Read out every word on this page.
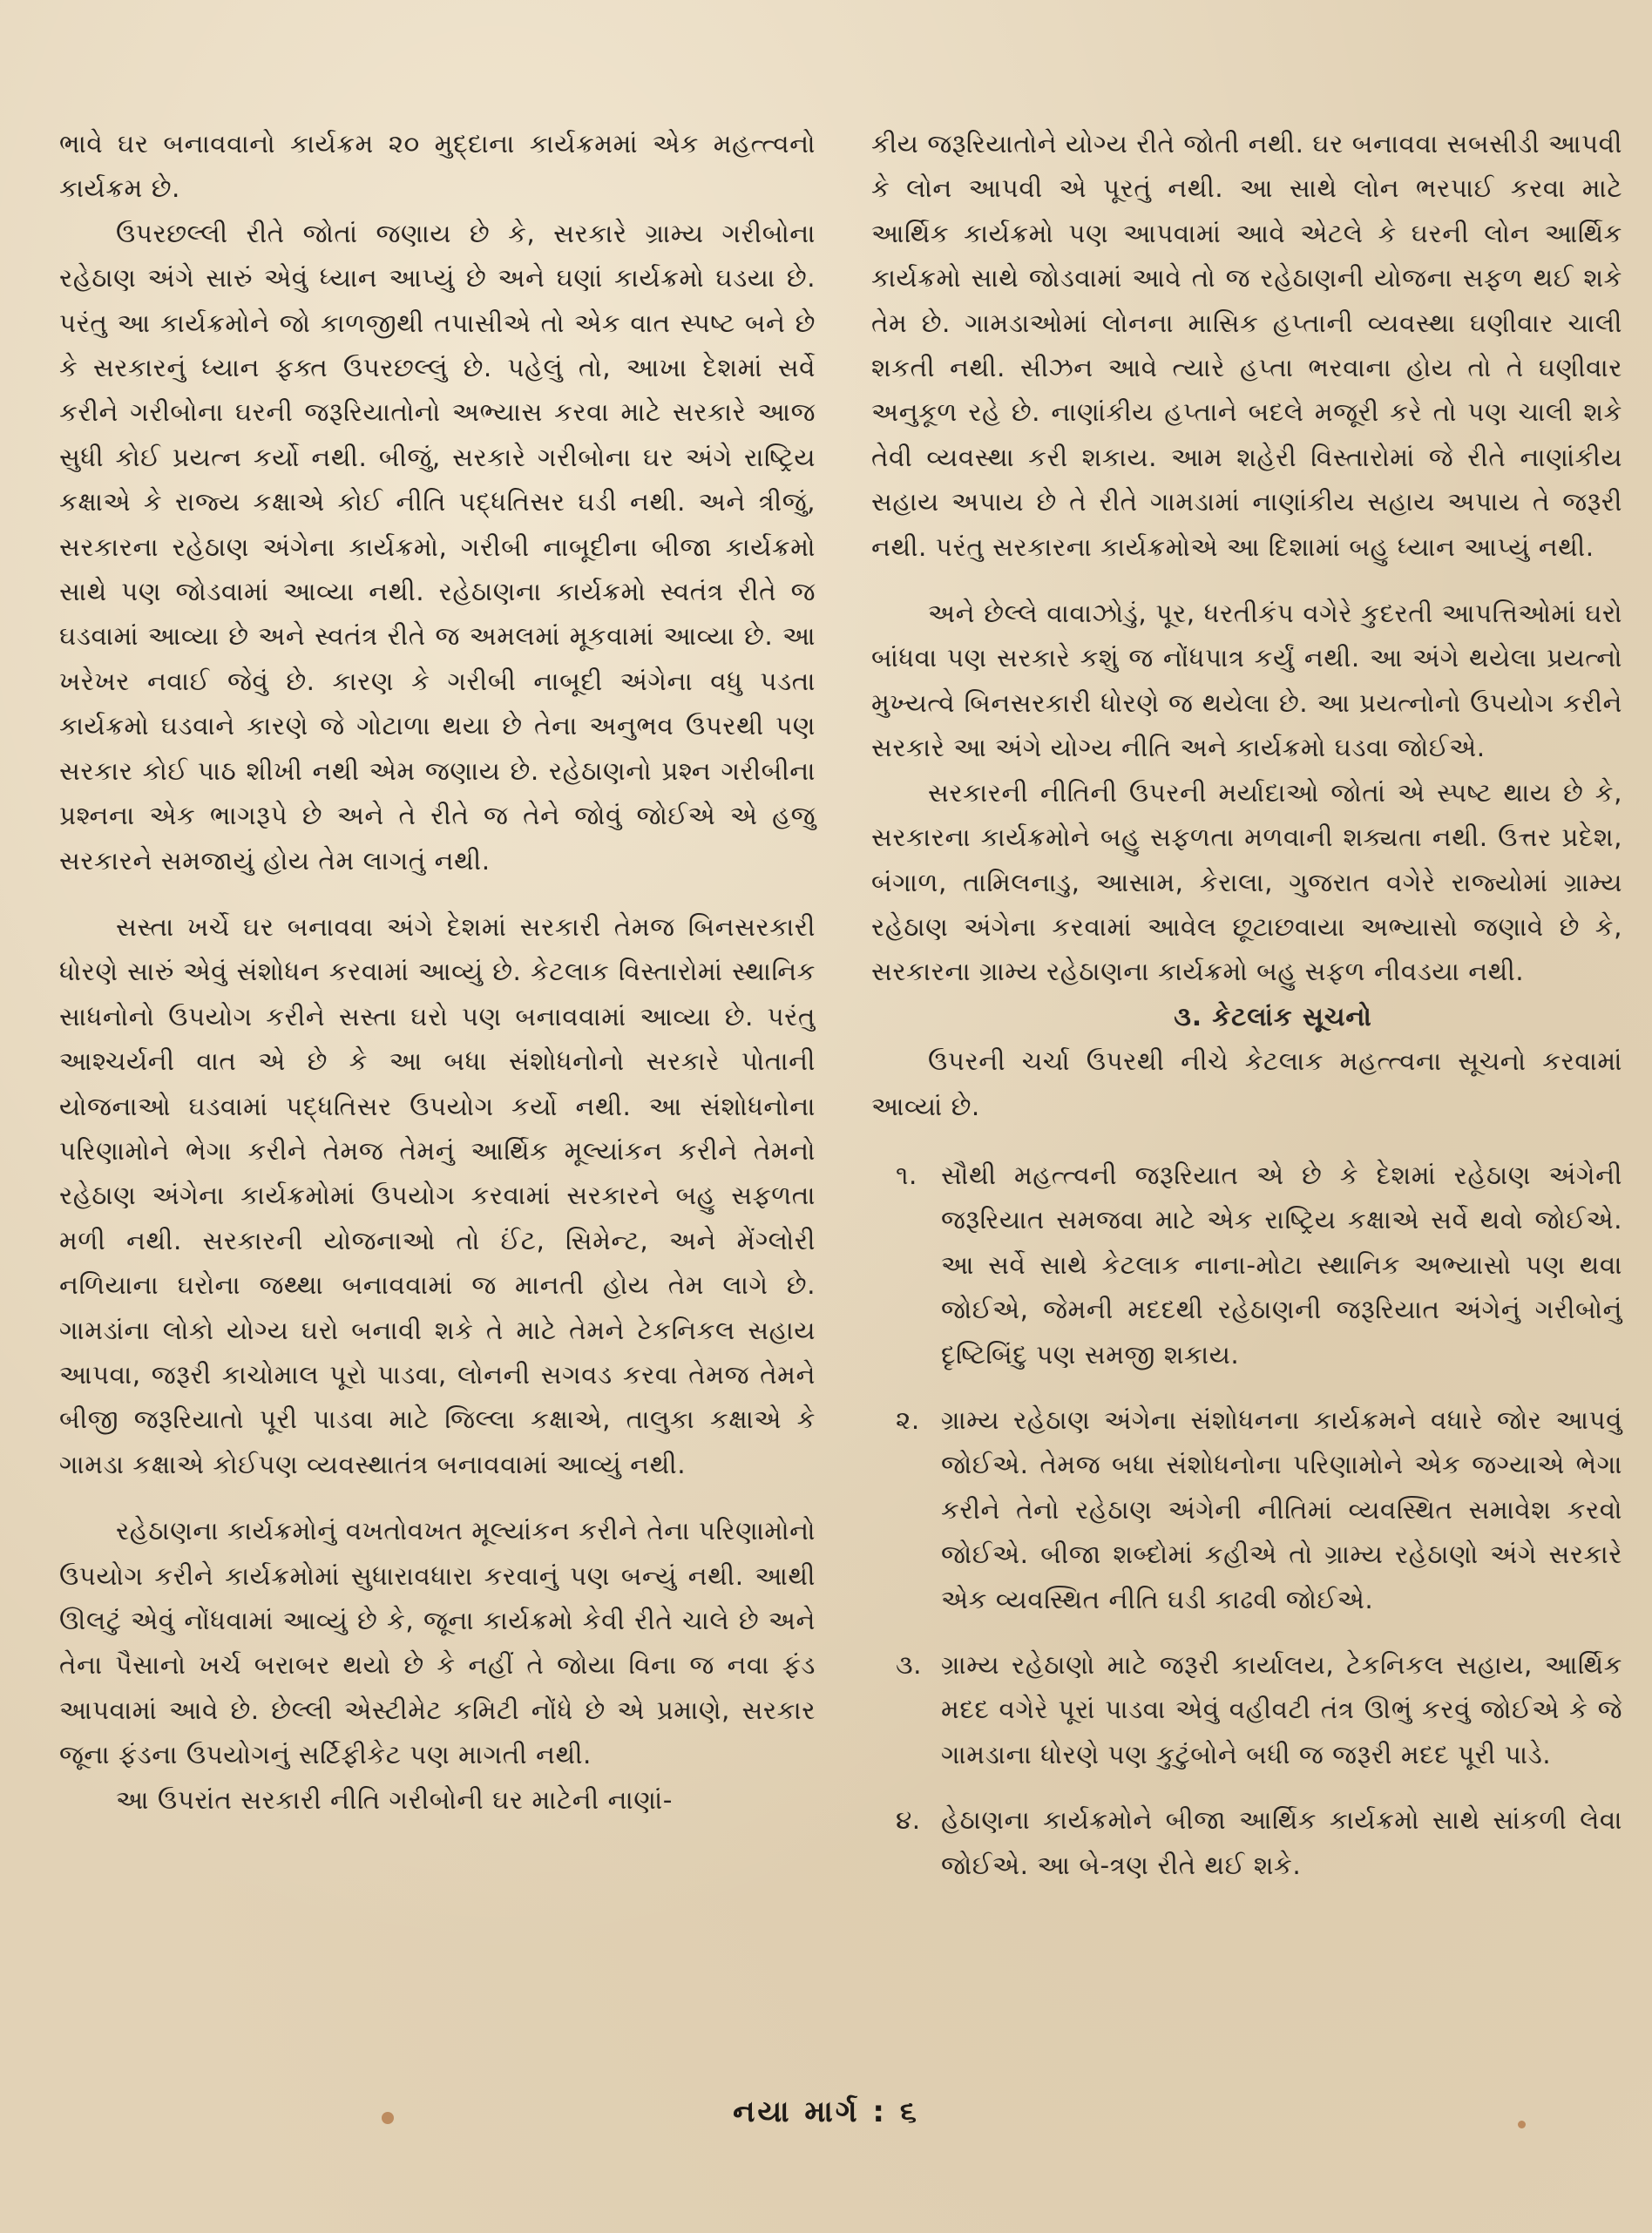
ભાવે ઘર બનાવવાનો કાર્યક્રમ ૨૦ મુદ્દાના કાર્યક્રમમાં એક મહત્ત્વનો કાર્યક્રમ છે.

ઉપરછલ્લી રીતે જોતાં જણાય છે કે, સરકારે ગ્રામ્ય ગરીબોના રહેઠાણ અંગે સારું એવું ધ્યાન આપ્યું છે અને ઘણાં કાર્યક્રમો ઘડયા છે. પરંતુ આ કાર્યક્રમોને જો કાળજીથી તપાસીએ તો એક વાત સ્પષ્ટ બને છે કે સરકારનું ધ્યાન ફક્ત ઉપરછલ્લું છે. પહેલું તો, આખા દેશમાં સર્વે કરીને ગરીબોના ઘરની જરૂરિયાતોનો અભ્યાસ કરવા માટે સરકારે આજ સુધી કોઈ પ્રયત્ન કર્યો નથી. બીજું, સરકારે ગરીબોના ઘર અંગે રાષ્ટ્રિય કક્ષાએ કે રાજ્ય કક્ષાએ કોઈ નીતિ પદ્ધતિસર ઘડી નથી. અને ત્રીજું, સરકારના રહેઠાણ અંગેના કાર્યક્રમો, ગરીબી નાબૂદીના બીજા કાર્યક્રમો સાથે પણ જોડવામાં આવ્યા નથી. રહેઠાણના કાર્યક્રમો સ્વતંત્ર રીતે જ ઘડવામાં આવ્યા છે અને સ્વતંત્ર રીતે જ અમલમાં મૂકવામાં આવ્યા છે. આ ખરેખર નવાઈ જેવું છે. કારણ કે ગરીબી નાબૂદી અંગેના વધુ પડતા કાર્યક્રમો ઘડવાને કારણે જે ગોટાળા થયા છે તેના અનુભવ ઉપરથી પણ સરકાર કોઈ પાઠ શીખી નથી એમ જણાય છે. રહેઠાણનો પ્રશ્ન ગરીબીના પ્રશ્નના એક ભાગરૂપે છે અને તે રીતે જ તેને જોવું જોઈએ એ હજુ સરકારને સમજાયું હોય તેમ લાગતું નથી.

સસ્તા ખર્ચે ઘર બનાવવા અંગે દેશમાં સરકારી તેમજ બિનસરકારી ધોરણે સારું એવું સંશોધન કરવામાં આવ્યું છે. કેટલાક વિસ્તારોમાં સ્થાનિક સાધનોનો ઉપયોગ કરીને સસ્તા ઘરો પણ બનાવવામાં આવ્યા છે. પરંતુ આશ્ચર્યની વાત એ છે કે આ બધા સંશોધનોનો સરકારે પોતાની યોજનાઓ ઘડવામાં પદ્ધતિસર ઉપયોગ કર્યો નથી. આ સંશોધનોના પરિણામોને ભેગા કરીને તેમજ તેમનું આર્થિક મૂલ્યાંકન કરીને તેમનો રહેઠાણ અંગેના કાર્યક્રમોમાં ઉપયોગ કરવામાં સરકારને બહુ સફળતા મળી નથી. સરકારની યોજનાઓ તો ઈંટ, સિમેન્ટ, અને મેંગ્લોરી નળિયાના ઘરોના જથ્થા બનાવવામાં જ માનતી હોય તેમ લાગે છે. ગામડાંના લોકો યોગ્ય ઘરો બનાવી શકે તે માટે તેમને ટેકનિકલ સહાય આપવા, જરૂરી કાચોમાલ પૂરો પાડવા, લોનની સગવડ કરવા તેમજ તેમને બીજી જરૂરિયાતો પૂરી પાડવા માટે જિલ્લા કક્ષાએ, તાલુકા કક્ષાએ કે ગામડા કક્ષાએ કોઈપણ વ્યવસ્થાતંત્ર બનાવવામાં આવ્યું નથી.

રહેઠાણના કાર્યક્રમોનું વખતોવખત મૂલ્યાંકન કરીને તેના પરિણામોનો ઉપયોગ કરીને કાર્યક્રમોમાં સુધારાવધારા કરવાનું પણ બન્યું નથી. આથી ઊલટું એવું નોંધવામાં આવ્યું છે કે, જૂના કાર્યક્રમો કેવી રીતે ચાલે છે અને તેના પૈસાનો ખર્ચ બરાબર થયો છે કે નહીં તે જોયા વિના જ નવા ફંડ આપવામાં આવે છે. છેલ્લી એસ્ટીમેટ કમિટી નોંધે છે એ પ્રમાણે, સરકાર જૂના ફંડના ઉપયોગનું સર્ટિફીકેટ પણ માગતી નથી.

આ ઉપરાંત સરકારી નીતિ ગરીબોની ઘર માટેની નાણાં-

કીય જરૂરિયાતોને યોગ્ય રીતે જોતી નથી. ઘર બનાવવા સબસીડી આપવી કે લોન આપવી એ પૂરતું નથી. આ સાથે લોન ભરપાઈ કરવા માટે આર્થિક કાર્યક્રમો પણ આપવામાં આવે એટલે કે ઘરની લોન આર્થિક કાર્યક્રમો સાથે જોડવામાં આવે તો જ રહેઠાણની યોજના સફળ થઈ શકે તેમ છે. ગામડાઓમાં લોનના માસિક હપ્તાની વ્યવસ્થા ઘણીવાર ચાલી શકતી નથી. સીઝન આવે ત્યારે હપ્તા ભરવાના હોય તો તે ઘણીવાર અનુકૂળ રહે છે. નાણાંકીય હપ્તાને બદલે મજૂરી કરે તો પણ ચાલી શકે તેવી વ્યવસ્થા કરી શકાય. આમ શહેરી વિસ્તારોમાં જે રીતે નાણાંકીય સહાય અપાય છે તે રીતે ગામડામાં નાણાંકીય સહાય અપાય તે જરૂરી નથી. પરંતુ સરકારના કાર્યક્રમોએ આ દિશામાં બહુ ધ્યાન આપ્યું નથી.

અને છેલ્લે વાવાઝોડું, પૂર, ધરતીકંપ વગેરે કુદરતી આપત્તિઓમાં ઘરો બાંધવા પણ સરકારે કશું જ નોંધપાત્ર કર્યું નથી. આ અંગે થયેલા પ્રયત્નો મુખ્યત્વે બિનસરકારી ધોરણે જ થયેલા છે. આ પ્રયત્નોનો ઉપયોગ કરીને સરકારે આ અંગે યોગ્ય નીતિ અને કાર્યક્રમો ઘડવા જોઈએ.

સરકારની નીતિની ઉપરની મર્યાદાઓ જોતાં એ સ્પષ્ટ થાય છે કે, સરકારના કાર્યક્રમોને બહુ સફળતા મળવાની શક્યતા નથી. ઉત્તર પ્રદેશ, બંગાળ, તામિલનાડુ, આસામ, કેરાલા, ગુજરાત વગેરે રાજ્યોમાં ગ્રામ્ય રહેઠાણ અંગેના કરવામાં આવેલ છૂટાછવાયા અભ્યાસો જણાવે છે કે, સરકારના ગ્રામ્ય રહેઠાણના કાર્યક્રમો બહુ સફળ નીવડયા નથી.

૩. કેટલાંક સૂચનો

ઉપરની ચર્ચા ઉપરથી નીચે કેટલાક મહત્ત્વના સૂચનો કરવામાં આવ્યાં છે.

૧. સૌથી મહત્ત્વની જરૂરિયાત એ છે કે દેશમાં રહેઠાણ અંગેની જરૂરિયાત સમજવા માટે એક રાષ્ટ્રિય કક્ષાએ સર્વે થવો જોઈએ. આ સર્વે સાથે કેટલાક નાના-મોટા સ્થાનિક અભ્યાસો પણ થવા જોઈએ, જેમની મદદથી રહેઠાણની જરૂરિયાત અંગેનું ગરીબોનું દૃષ્ટિબિંદુ પણ સમજી શકાય.
૨. ગ્રામ્ય રહેઠાણ અંગેના સંશોધનના કાર્યક્રમને વધારે જોર આપવું જોઈએ. તેમજ બધા સંશોધનોના પરિણામોને એક જગ્યાએ ભેગા કરીને તેનો રહેઠાણ અંગેની નીતિમાં વ્યવસ્થિત સમાવેશ કરવો જોઈએ. બીજા શબ્દોમાં કહીએ તો ગ્રામ્ય રહેઠાણો અંગે સરકારે એક વ્યવસ્થિત નીતિ ઘડી કાઢવી જોઈએ.
૩. ગ્રામ્ય રહેઠાણો માટે જરૂરી કાર્યાલય, ટેકનિકલ સહાય, આર્થિક મદદ વગેરે પૂરાં પાડવા એવું વહીવટી તંત્ર ઊભું કરવું જોઈએ કે જે ગામડાના ધોરણે પણ કુટુંબોને બધી જ જરૂરી મદદ પૂરી પાડે.
૪. હેઠાણના કાર્યક્રમોને બીજા આર્થિક કાર્યક્રમો સાથે સાંકળી લેવા જોઈએ. આ બે-ત્રણ રીતે થઈ શકે.
નયા માર્ગ : ૬
